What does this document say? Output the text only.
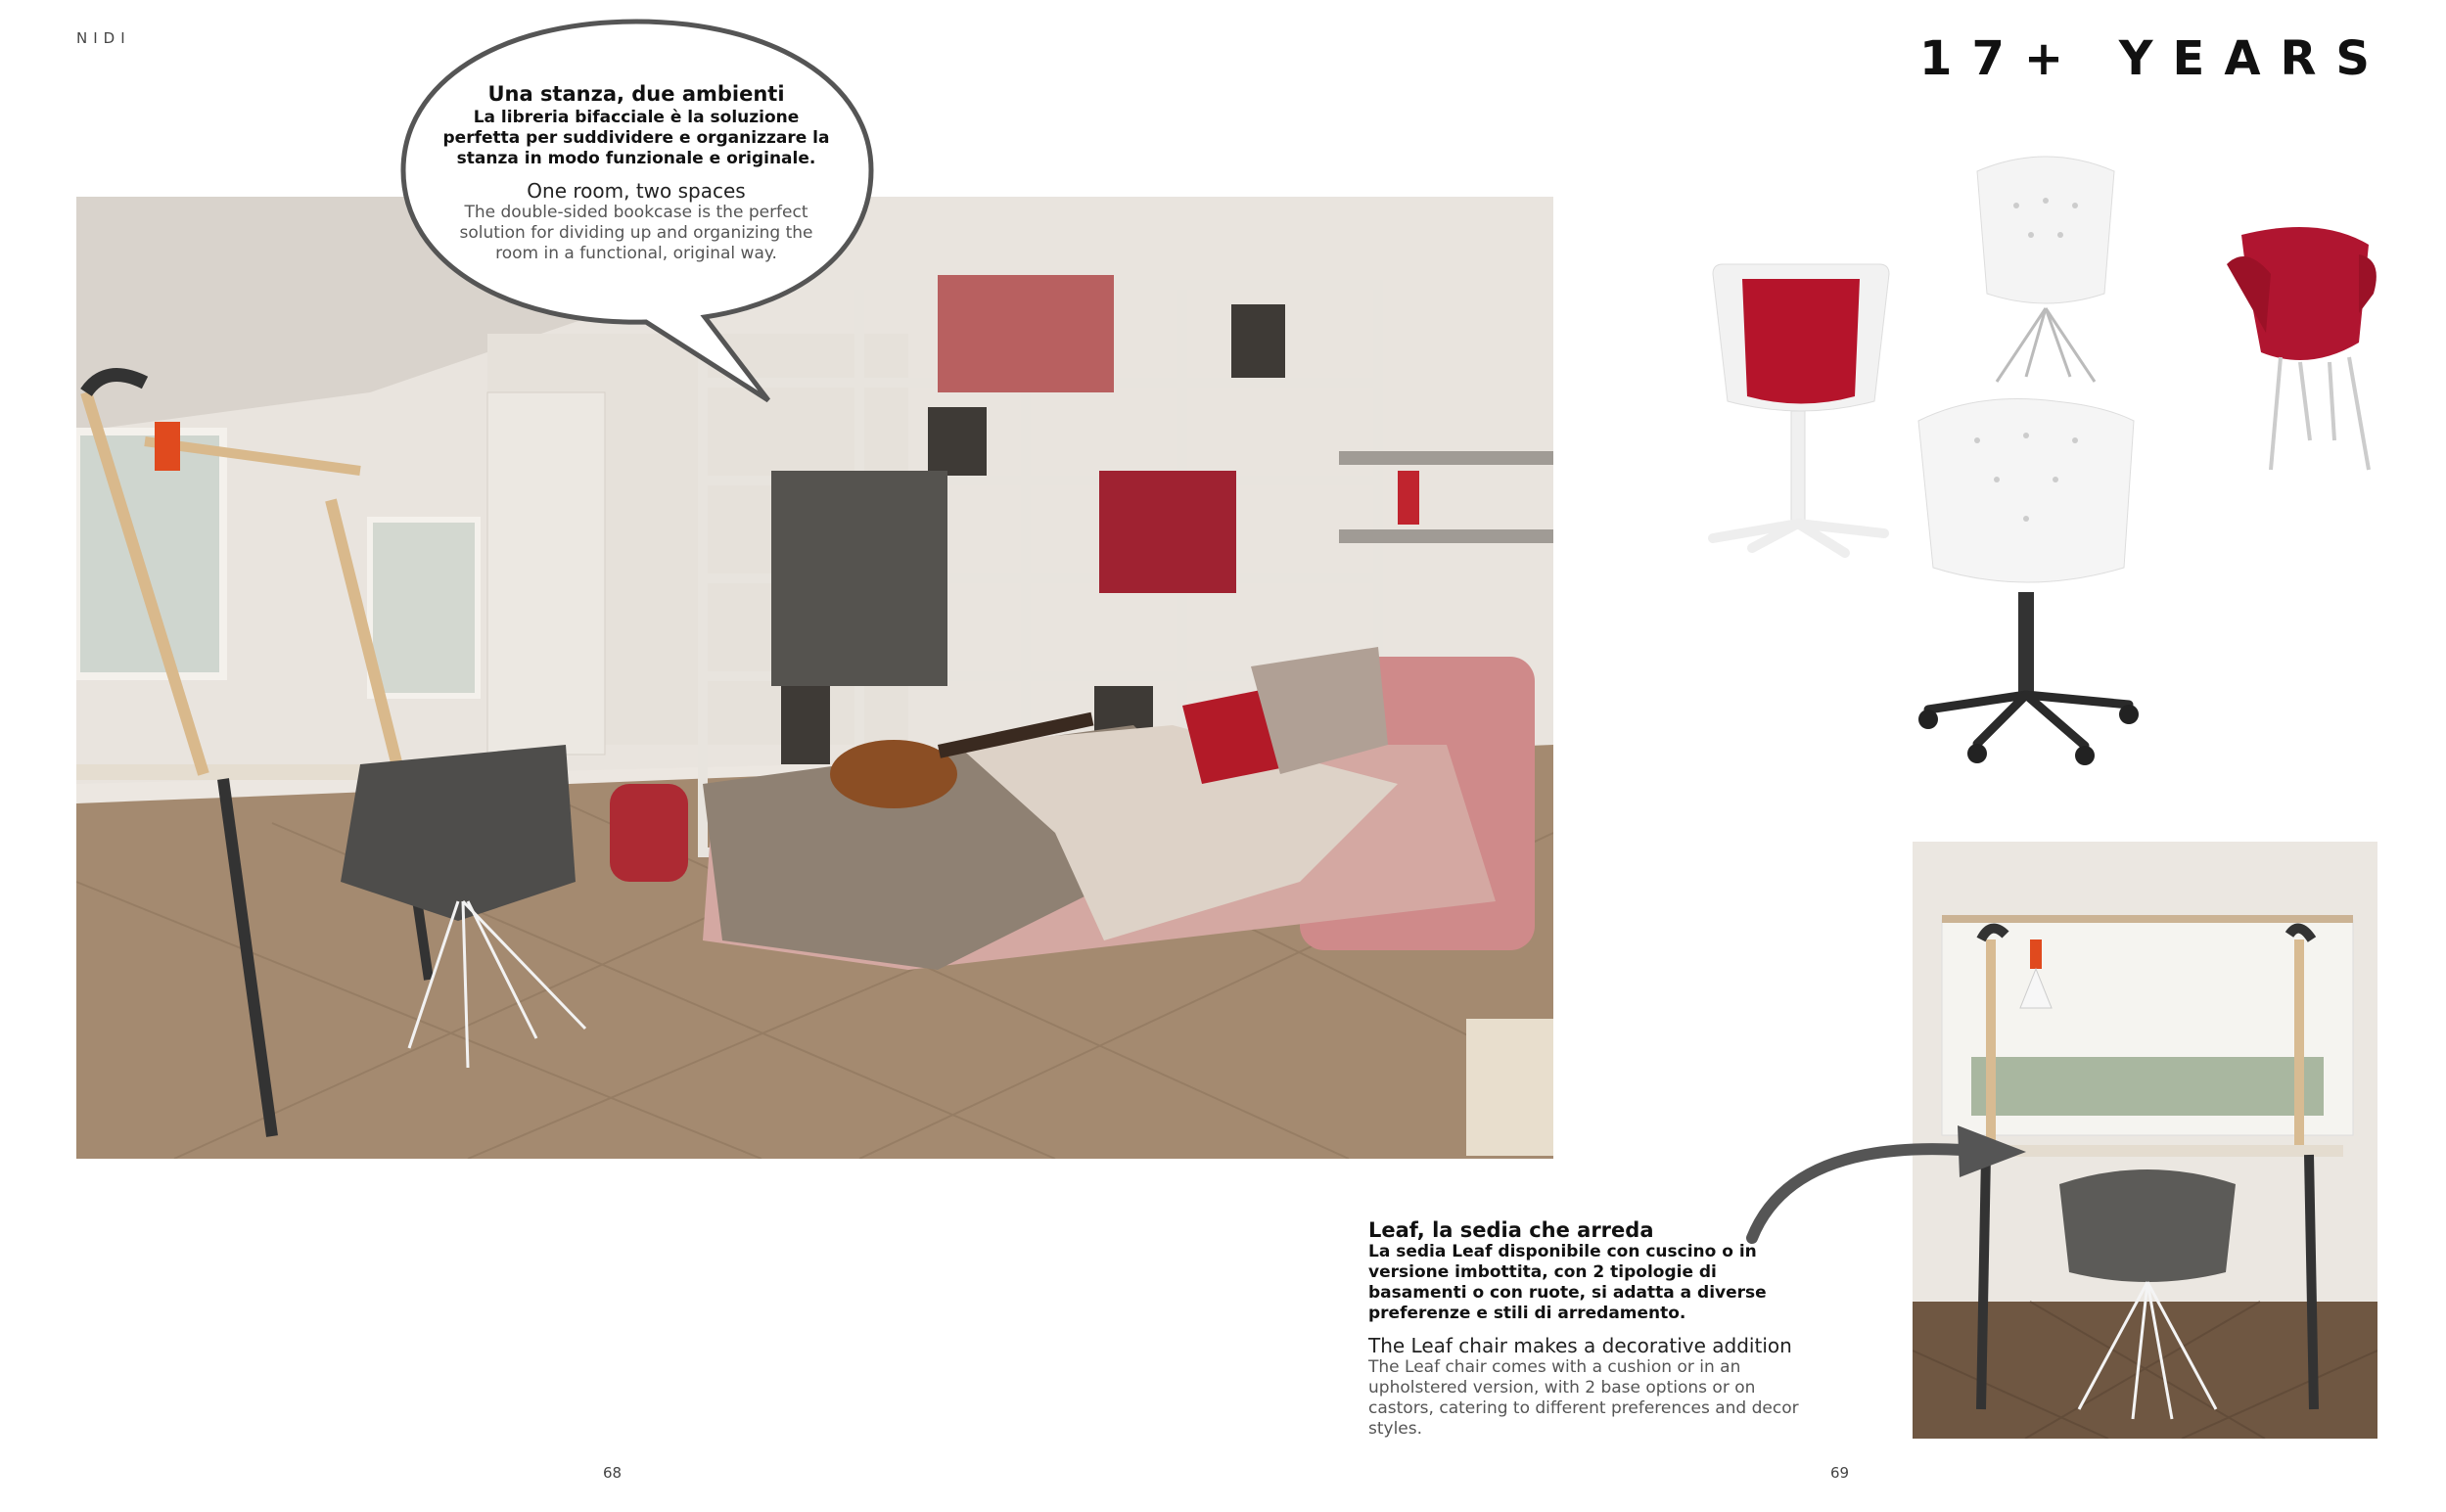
NIDI	17+ YEARS
Una stanza, due ambienti
La libreria bifacciale è la soluzione perfetta per suddividere e organizzare la stanza in modo funzionale e originale.
One room, two spaces
The double-sided bookcase is the perfect solution for dividing up and organizing the room in a functional, original way.
Leaf, la sedia che arreda
La sedia Leaf disponibile con cuscino o in versione imbottita, con 2 tipologie di basamenti o con ruote, si adatta a diverse preferenze e stili di arredamento.
The Leaf chair makes a decorative addition
The Leaf chair comes with a cushion or in an upholstered version, with 2 base options or on castors, catering to different preferences and decor styles.
68	69
